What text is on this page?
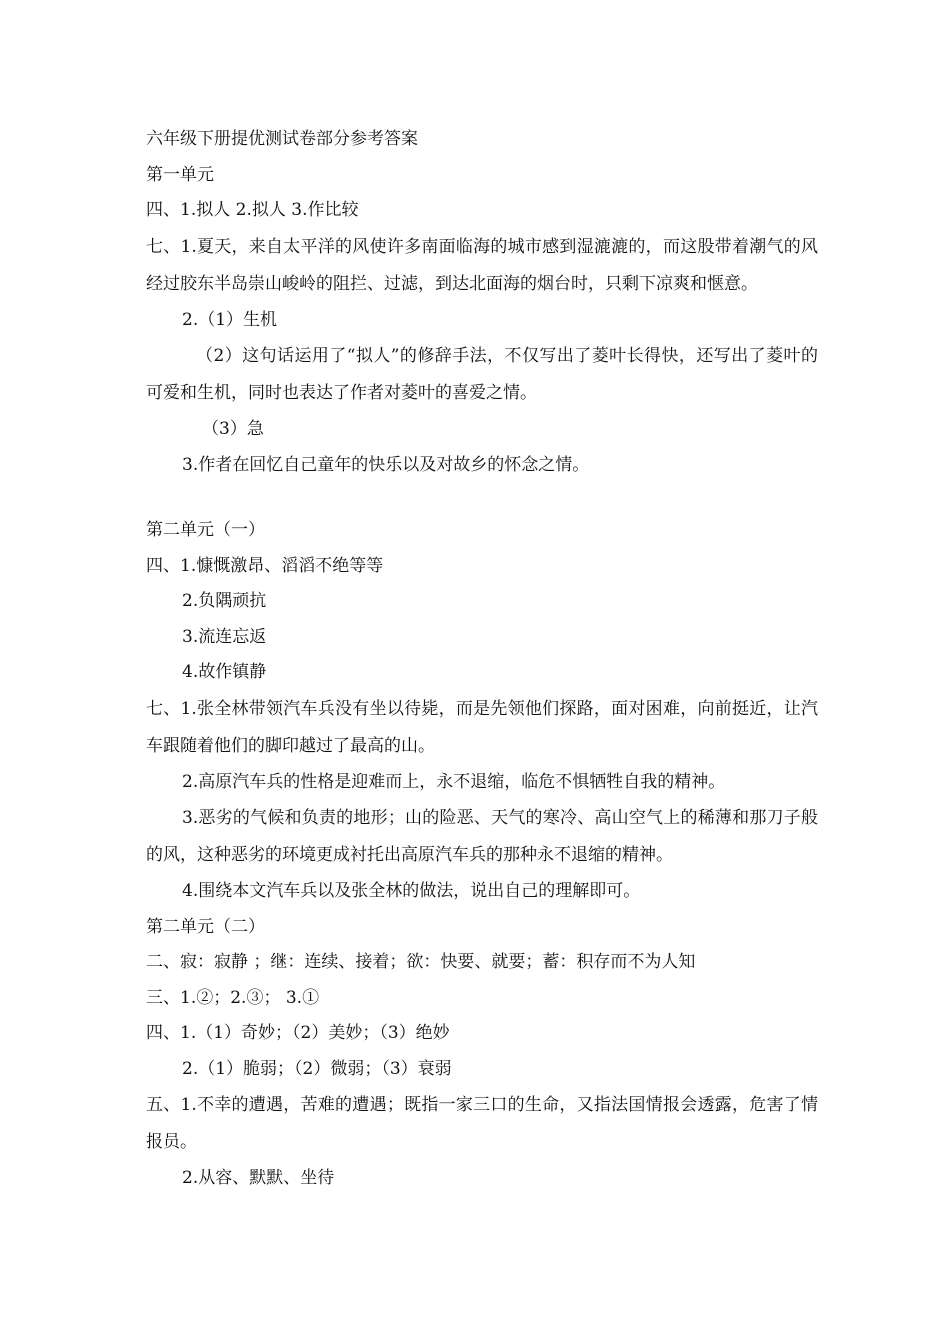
六年级下册提优测试卷部分参考答案
第一单元
四、1.拟人 2.拟人 3.作比较
七、1.夏天，来自太平洋的风使许多南面临海的城市感到湿漉漉的，而这股带着潮气的风经过胶东半岛崇山峻岭的阻拦、过滤，到达北面海的烟台时，只剩下凉爽和惬意。
2.（1）生机
（2）这句话运用了“拟人”的修辞手法，不仅写出了菱叶长得快，还写出了菱叶的可爱和生机，同时也表达了作者对菱叶的喜爱之情。
（3）急
3.作者在回忆自己童年的快乐以及对故乡的怀念之情。
第二单元（一）
四、1.慷慨激昂、滔滔不绝等等
2.负隅顽抗
3.流连忘返
4.故作镇静
七、1.张全林带领汽车兵没有坐以待毙，而是先领他们探路，面对困难，向前挺近，让汽车跟随着他们的脚印越过了最高的山。
2.高原汽车兵的性格是迎难而上，永不退缩，临危不惧牺牲自我的精神。
3.恶劣的气候和负责的地形；山的险恶、天气的寒冷、高山空气上的稀薄和那刀子般的风，这种恶劣的环境更成衬托出高原汽车兵的那种永不退缩的精神。
4.围绕本文汽车兵以及张全林的做法，说出自己的理解即可。
第二单元（二）
二、寂：寂静 ；继：连续、接着；欲：快要、就要；蓄：积存而不为人知
三、1.②；2.③； 3.①
四、1.（1）奇妙；（2）美妙；（3）绝妙
2.（1）脆弱；（2）微弱；（3）衰弱
五、1.不幸的遭遇，苦难的遭遇；既指一家三口的生命，又指法国情报会透露，危害了情报员。
2.从容、默默、坐待
